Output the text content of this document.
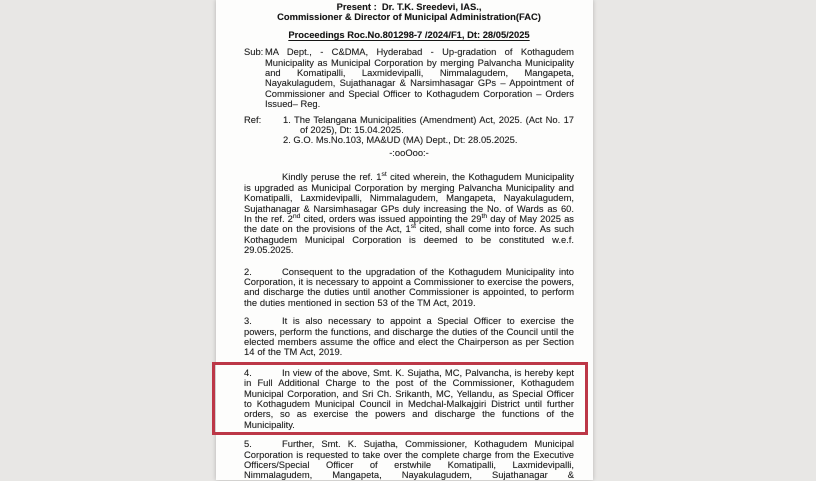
Present :  Dr. T.K. Sreedevi, IAS.,
Commissioner & Director of Municipal Administration(FAC)
Proceedings Roc.No.801298-7 /2024/F1, Dt: 28/05/2025
Sub: MA Dept., - C&DMA, Hyderabad - Up-gradation of Kothagudem Municipality as Municipal Corporation by merging Palvancha Municipality and Komatipalli, Laxmidevipalli, Nimmalagudem, Mangapeta, Nayakulagudem, Sujathanagar & Narsimhasagar GPs – Appointment of Commissioner and Special Officer to Kothagudem Corporation – Orders Issued– Reg.
Ref: 1. The Telangana Municipalities (Amendment) Act, 2025. (Act No. 17 of 2025), Dt: 15.04.2025.
2. G.O. Ms.No.103, MA&UD (MA) Dept., Dt: 28.05.2025.
-:ooOoo:-
Kindly peruse the ref. 1st cited wherein, the Kothagudem Municipality is upgraded as Municipal Corporation by merging Palvancha Municipality and Komatipalli, Laxmidevipalli, Nimmalagudem, Mangapeta, Nayakulagudem, Sujathanagar & Narsimhasagar GPs duly increasing the No. of Wards as 60. In the ref. 2nd cited, orders was issued appointing the 29th day of May 2025 as the date on the provisions of the Act, 1st cited, shall come into force. As such Kothagudem Municipal Corporation is deemed to be constituted w.e.f. 29.05.2025.
2.	Consequent to the upgradation of the Kothagudem Municipality into Corporation, it is necessary to appoint a Commissioner to exercise the powers, and discharge the duties until another Commissioner is appointed, to perform the duties mentioned in section 53 of the TM Act, 2019.
3.	It is also necessary to appoint a Special Officer to exercise the powers, perform the functions, and discharge the duties of the Council until the elected members assume the office and elect the Chairperson as per Section 14 of the TM Act, 2019.
4.	In view of the above, Smt. K. Sujatha, MC, Palvancha, is hereby kept in Full Additional Charge to the post of the Commissioner, Kothagudem Municipal Corporation, and Sri Ch. Srikanth, MC, Yellandu, as Special Officer to Kothagudem Municipal Council in Medchal-Malkajgiri District until further orders, so as exercise the powers and discharge the functions of the Municipality.
5.	Further, Smt. K. Sujatha, Commissioner, Kothagudem Municipal Corporation is requested to take over the complete charge from the Executive Officers/Special Officer of erstwhile Komatipalli, Laxmidevipalli, Nimmalagudem, Mangapeta, Nayakulagudem, Sujathanagar &
